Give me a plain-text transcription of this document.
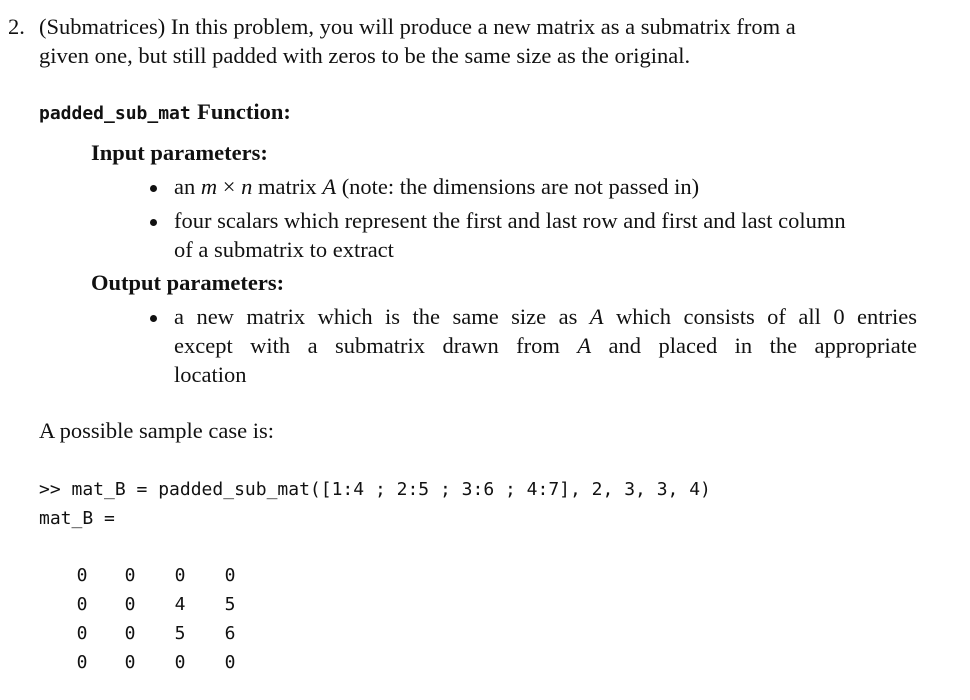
2. (Submatrices) In this problem, you will produce a new matrix as a submatrix from a
given one, but still padded with zeros to be the same size as the original.
padded_sub_mat Function:
Input parameters:
an m × n matrix A (note: the dimensions are not passed in)
four scalars which represent the first and last row and first and last column
of a submatrix to extract
Output parameters:
a new matrix which is the same size as A which consists of all 0 entries
except with a submatrix drawn from A and placed in the appropriate
location
A possible sample case is:
>> mat_B = padded_sub_mat([1:4 ; 2:5 ; 3:6 ; 4:7], 2, 3, 3, 4)
mat_B =
0 0 0 0
0 0 4 5
0 0 5 6
0 0 0 0
